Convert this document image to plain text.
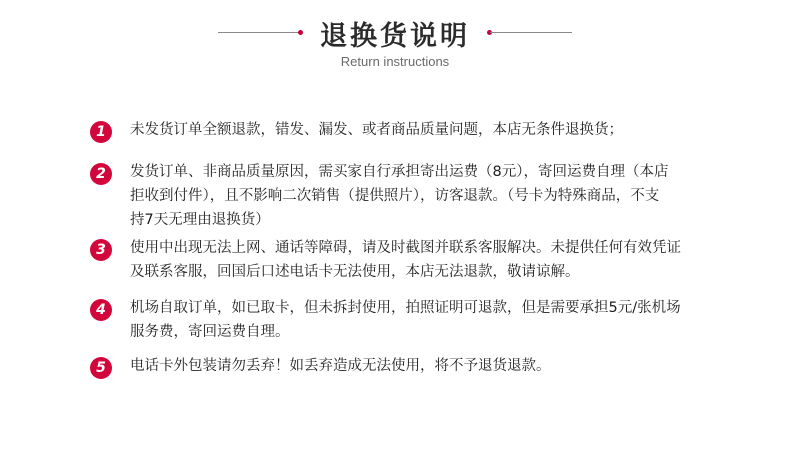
退换货说明
Return instructions
1	未发货订单全额退款，错发、漏发、或者商品质量问题，本店无条件退换货；
2	发货订单、非商品质量原因，需买家自行承担寄出运费（8元），寄回运费自理（本店
拒收到付件），且不影响二次销售（提供照片），访客退款。（号卡为特殊商品，不支
持7天无理由退换货）
3	使用中出现无法上网、通话等障碍，请及时截图并联系客服解决。未提供任何有效凭证
及联系客服，回国后口述电话卡无法使用，本店无法退款，敬请谅解。
4	机场自取订单，如已取卡，但未拆封使用，拍照证明可退款，但是需要承担5元/张机场
服务费，寄回运费自理。
5	电话卡外包装请勿丢弃！如丢弃造成无法使用，将不予退货退款。
